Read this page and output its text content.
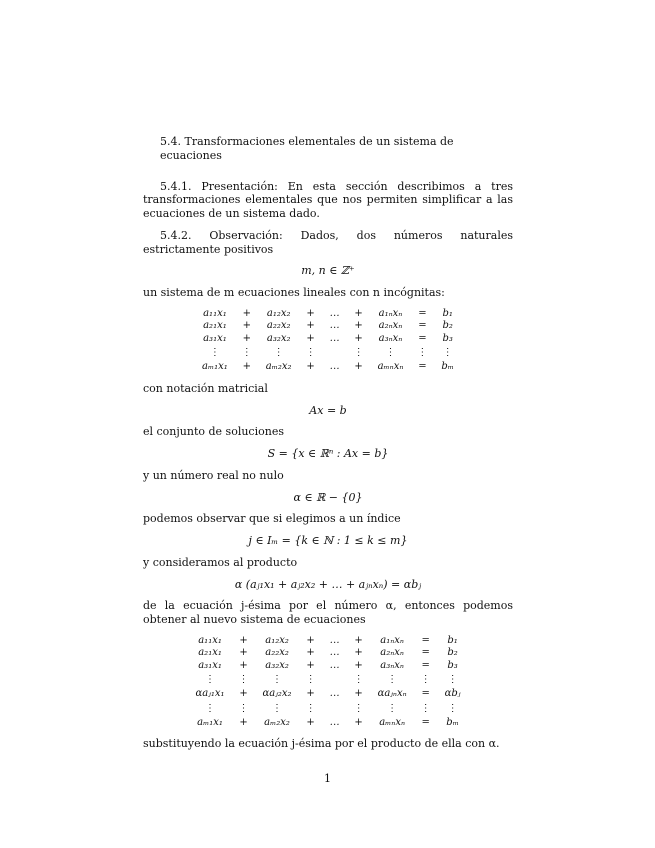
5.4. Transformaciones elementales de un sistema de ecuaciones

5.4.1. Presentación: En esta sección describimos a tres transformaciones elementales que nos permiten simplificar a las ecuaciones de un sistema dado.

5.4.2. Observación: Dados, dos números naturales estrictamente positivos

m, n ∈ ℤ⁺

un sistema de m ecuaciones lineales con n incógnitas:

a₁₁x₁	+	a₁₂x₂	+	…	+	a₁ₙxₙ	=	b₁
a₂₁x₁	+	a₂₂x₂	+	…	+	a₂ₙxₙ	=	b₂
a₃₁x₁	+	a₃₂x₂	+	…	+	a₃ₙxₙ	=	b₃
⋮	⋮	⋮	⋮		⋮	⋮	⋮	⋮
aₘ₁x₁	+	aₘ₂x₂	+	…	+	aₘₙxₙ	=	bₘ

con notación matricial

Ax = b

el conjunto de soluciones

S = {x ∈ ℝⁿ : Ax = b}

y un número real no nulo

α ∈ ℝ − {0}

podemos observar que si elegimos a un índice

j ∈ Iₘ = {k ∈ ℕ : 1 ≤ k ≤ m}

y consideramos al producto

α (aⱼ₁x₁ + aⱼ₂x₂ + … + aⱼₙxₙ) = αbⱼ

de la ecuación j-ésima por el número α, entonces podemos obtener al nuevo sistema de ecuaciones

a₁₁x₁	+	a₁₂x₂	+	…	+	a₁ₙxₙ	=	b₁
a₂₁x₁	+	a₂₂x₂	+	…	+	a₂ₙxₙ	=	b₂
a₃₁x₁	+	a₃₂x₂	+	…	+	a₃ₙxₙ	=	b₃
⋮	⋮	⋮	⋮		⋮	⋮	⋮	⋮
αaⱼ₁x₁	+	αaⱼ₂x₂	+	…	+	αaⱼₙxₙ	=	αbⱼ
⋮	⋮	⋮	⋮		⋮	⋮	⋮	⋮
aₘ₁x₁	+	aₘ₂x₂	+	…	+	aₘₙxₙ	=	bₘ

substituyendo la ecuación j-ésima por el producto de ella con α.

1
